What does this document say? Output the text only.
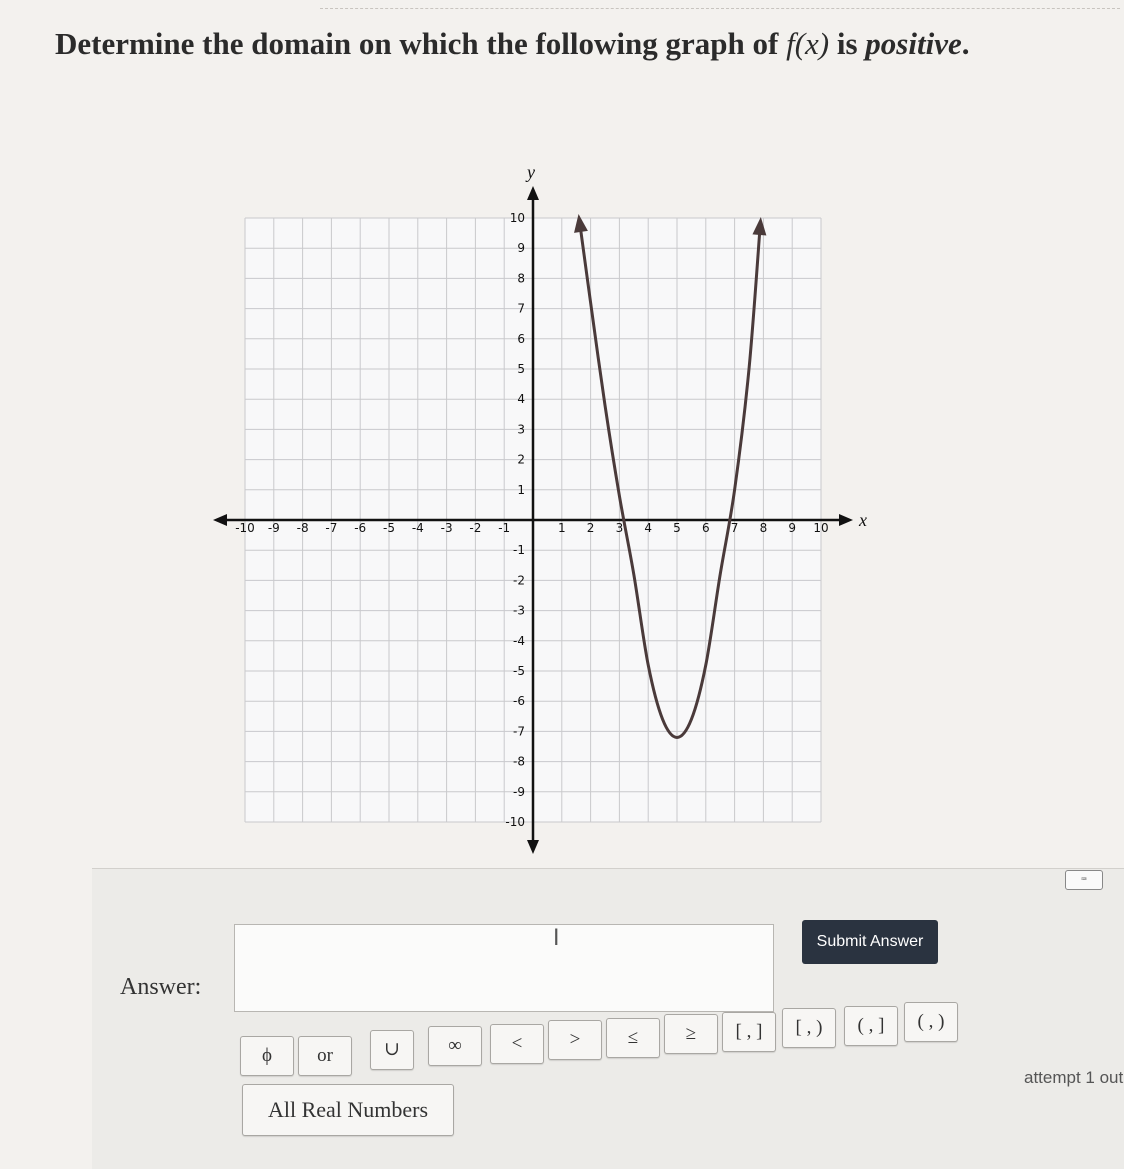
Determine the domain on which the following graph of f(x) is positive.
x
y
-10 -9 -8 -7 -6 -5 -4 -3 -2 -1	1 2 3 4 5 6 7 8 9 10
-10
-9
-8
-7
-6
-5
-4
-3
-2
-1
1
2
3
4
5
6
7
8
9
10
⌨
Answer:
I	Submit Answer
ϕ	or	∪	∞	<	>	≤	≥	[ , ]	[ , )	( , ]	( , )
All Real Numbers
attempt 1 out
